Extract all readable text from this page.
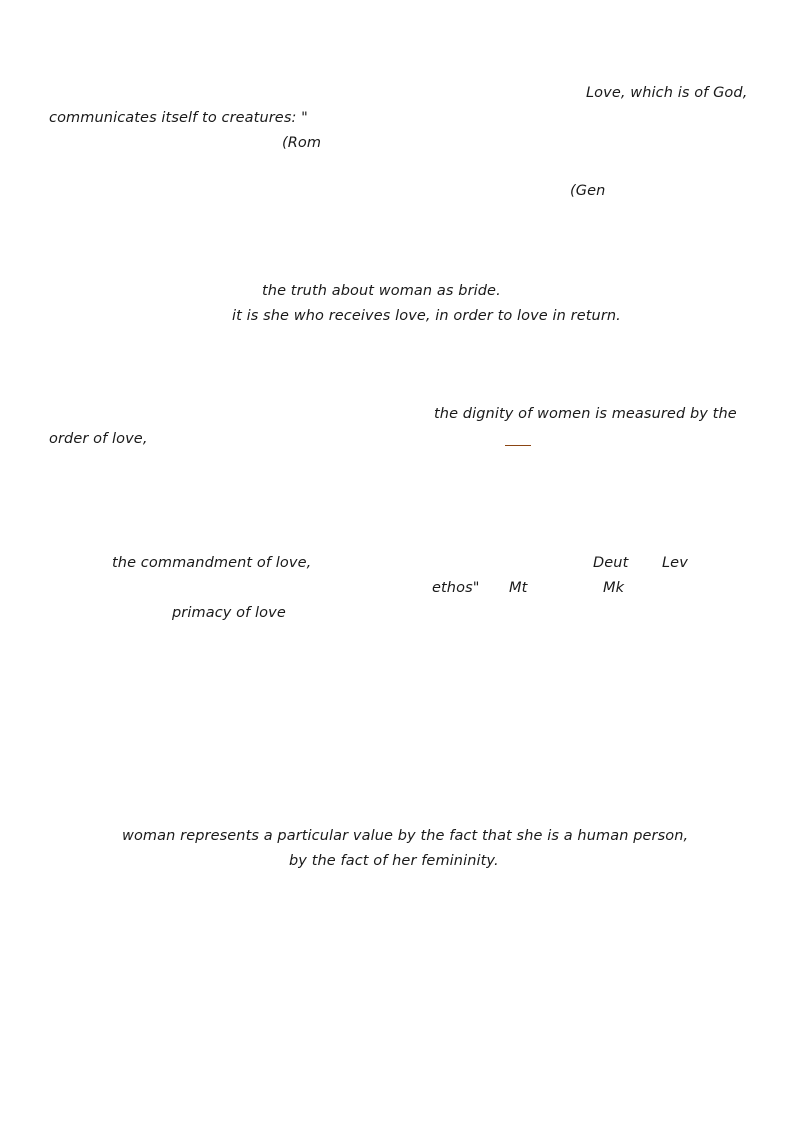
Love, which is of God,
communicates itself to creatures: "
(Rom
(Gen
the truth about woman as bride.
it is she who receives love, in order to love in return.
the dignity of women is measured by the
order of love,
the commandment of love,	Deut Lev
ethos" Mt	Mk
primacy of love
woman represents a particular value by the fact that she is a human person,
by the fact of her femininity.
